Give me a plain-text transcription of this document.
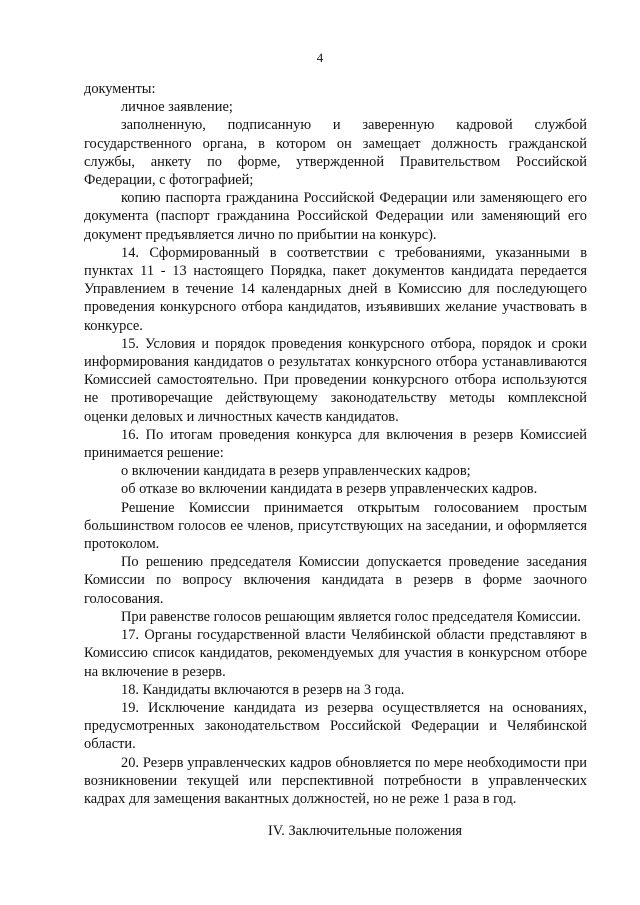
4

документы:

личное заявление;

заполненную, подписанную и заверенную кадровой службой государственного органа, в котором он замещает должность гражданской службы, анкету по форме, утвержденной Правительством Российской Федерации, с фотографией;

копию паспорта гражданина Российской Федерации или заменяющего его документа (паспорт гражданина Российской Федерации или заменяющий его документ предъявляется лично по прибытии на конкурс).

14. Сформированный в соответствии с требованиями, указанными в пунктах 11 - 13 настоящего Порядка, пакет документов кандидата передается Управлением в течение 14 календарных дней в Комиссию для последующего проведения конкурсного отбора кандидатов, изъявивших желание участвовать в конкурсе.

15. Условия и порядок проведения конкурсного отбора, порядок и сроки информирования кандидатов о результатах конкурсного отбора устанавливаются Комиссией самостоятельно. При проведении конкурсного отбора используются не противоречащие действующему законодательству методы комплексной оценки деловых и личностных качеств кандидатов.

16. По итогам проведения конкурса для включения в резерв Комиссией принимается решение:

о включении кандидата в резерв управленческих кадров;

об отказе во включении кандидата в резерв управленческих кадров.

Решение Комиссии принимается открытым голосованием простым большинством голосов ее членов, присутствующих на заседании, и оформляется протоколом.

По решению председателя Комиссии допускается проведение заседания Комиссии по вопросу включения кандидата в резерв в форме заочного голосования.

При равенстве голосов решающим является голос председателя Комиссии.

17. Органы государственной власти Челябинской области представляют в Комиссию список кандидатов, рекомендуемых для участия в конкурсном отборе на включение в резерв.

18. Кандидаты включаются в резерв на 3 года.

19. Исключение кандидата из резерва осуществляется на основаниях, предусмотренных законодательством Российской Федерации и Челябинской области.

20. Резерв управленческих кадров обновляется по мере необходимости при возникновении текущей или перспективной потребности в управленческих кадрах для замещения вакантных должностей, но не реже 1 раза в год.

IV. Заключительные положения
